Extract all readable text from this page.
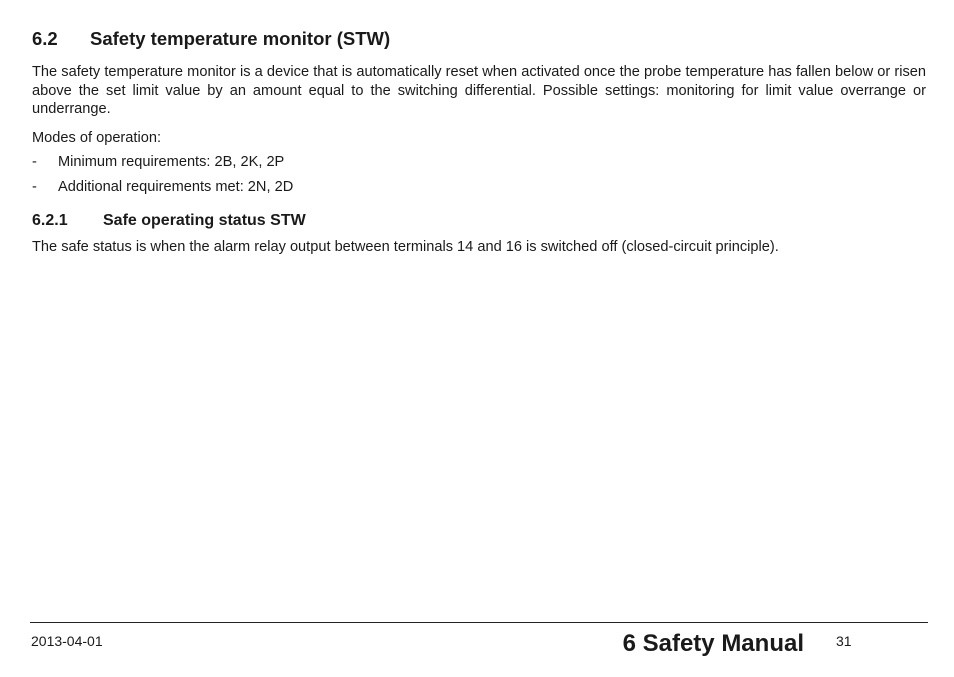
6.2	Safety temperature monitor (STW)

The safety temperature monitor is a device that is automatically reset when activated once the probe temperature has fallen below or risen above the set limit value by an amount equal to the switching differential. Possible settings: monitoring for limit value overrange or underrange.

Modes of operation:

-	Minimum requirements: 2B, 2K, 2P
-	Additional requirements met: 2N, 2D
6.2.1	Safe operating status STW

The safe status is when the alarm relay output between terminals 14 and 16 is switched off (closed-circuit principle).

2013-04-01	6 Safety Manual 31
